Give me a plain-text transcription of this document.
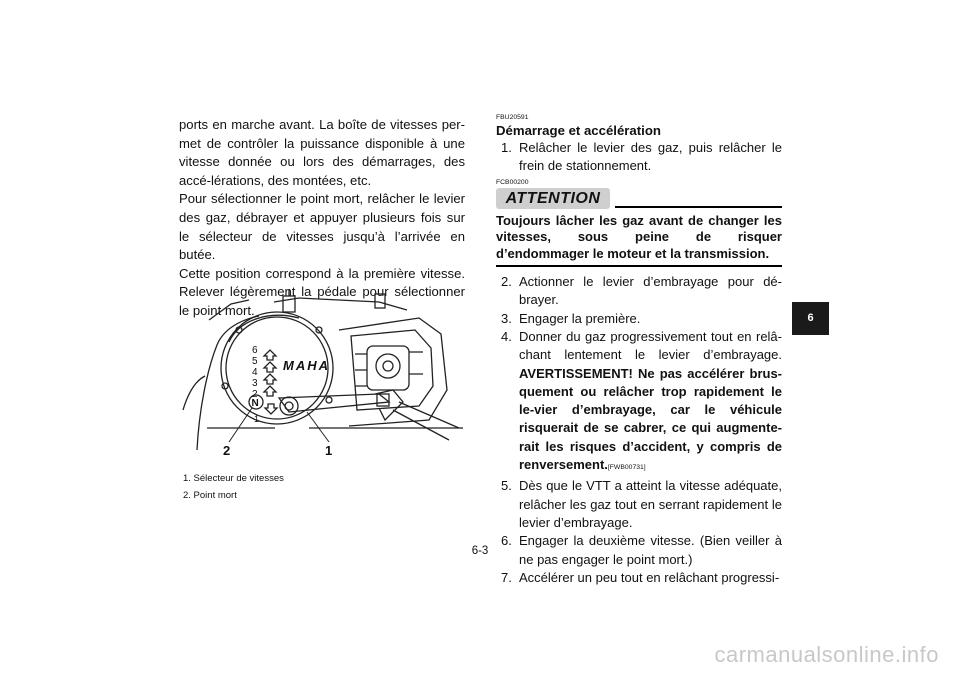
ports en marche avant. La boîte de vitesses per-met de contrôler la puissance disponible à une vitesse donnée ou lors des démarrages, des accé-lérations, des montées, etc.

Pour sélectionner le point mort, relâcher le levier des gaz, débrayer et appuyer plusieurs fois sur le sélecteur de vitesses jusqu’à l’arrivée en butée.

Cette position correspond à la première vitesse. Relever légèrement la pédale pour sélectionner le point mort.

6
5
4
3
2
N
1
MAHA
2	1
1. Sélecteur de vitesses
2. Point mort
FBU20591
Démarrage et accélération
1. Relâcher le levier des gaz, puis relâcher le frein de stationnement.
FCB00200
ATTENTION
Toujours lâcher les gaz avant de changer les vitesses, sous peine de risquer d’endommager le moteur et la transmission.
2. Actionner le levier d’embrayage pour dé-brayer.
3. Engager la première.
4. Donner du gaz progressivement tout en relâ-chant lentement le levier d’embrayage. AVERTISSEMENT! Ne pas accélérer brus-quement ou relâcher trop rapidement le le-vier d’embrayage, car le véhicule risquerait de se cabrer, ce qui augmente-rait les risques d’accident, y compris de renversement.[FWB00731]
5. Dès que le VTT a atteint la vitesse adéquate, relâcher les gaz tout en serrant rapidement le levier d’embrayage.
6. Engager la deuxième vitesse. (Bien veiller à ne pas engager le point mort.)
7. Accélérer un peu tout en relâchant progressi-
6
6-3
carmanualsonline.info
